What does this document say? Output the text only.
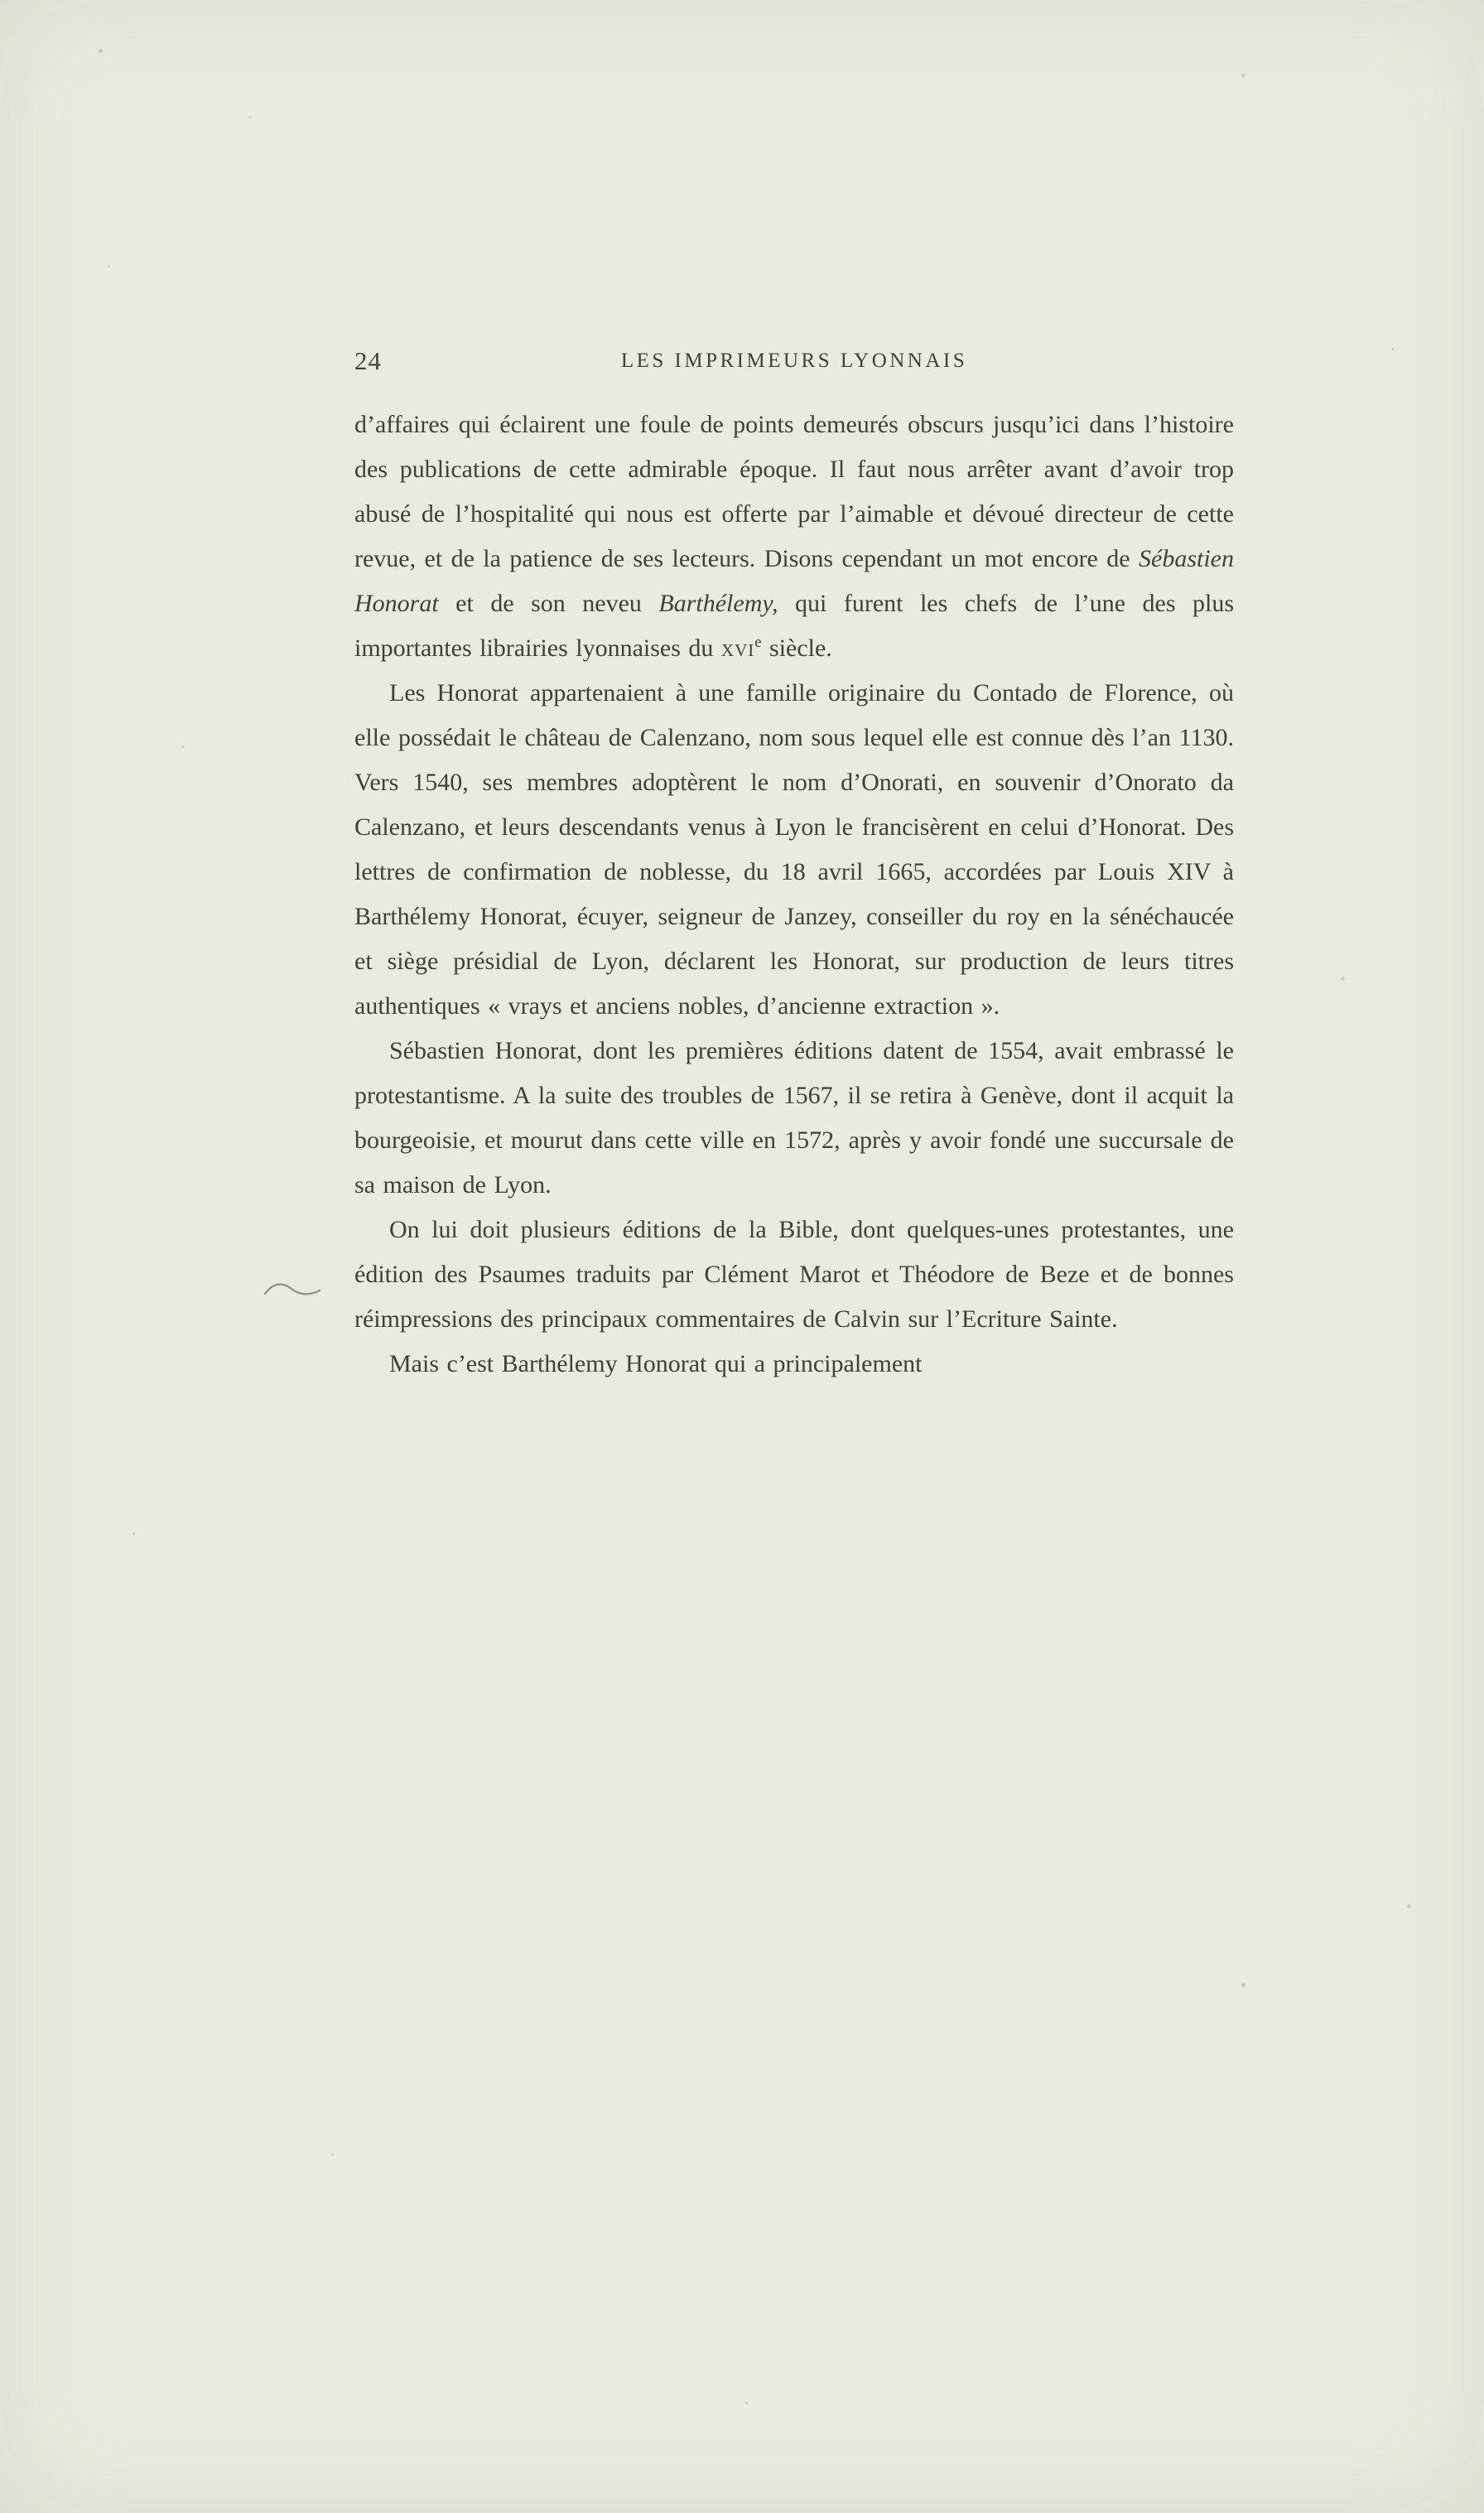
24	LES IMPRIMEURS LYONNAIS

d’affaires qui éclairent une foule de points demeurés obscurs jusqu’ici dans l’histoire des publications de cette admirable époque. Il faut nous arrêter avant d’avoir trop abusé de l’hospitalité qui nous est offerte par l’aimable et dévoué directeur de cette revue, et de la patience de ses lecteurs. Disons cependant un mot encore de Sébastien Honorat et de son neveu Barthélemy, qui furent les chefs de l’une des plus importantes librairies lyonnaises du xvi$^e$ siècle.

Les Honorat appartenaient à une famille originaire du Contado de Florence, où elle possédait le château de Calenzano, nom sous lequel elle est connue dès l’an 1130. Vers 1540, ses membres adoptèrent le nom d’Onorati, en souvenir d’Onorato da Calenzano, et leurs descendants venus à Lyon le francisèrent en celui d’Honorat. Des lettres de confirmation de noblesse, du 18 avril 1665, accordées par Louis XIV à Barthélemy Honorat, écuyer, seigneur de Janzey, conseiller du roy en la sénéchaucée et siège présidial de Lyon, déclarent les Honorat, sur production de leurs titres authentiques « vrays et anciens nobles, d’ancienne extraction ».

Sébastien Honorat, dont les premières éditions datent de 1554, avait embrassé le protestantisme. A la suite des troubles de 1567, il se retira à Genève, dont il acquit la bourgeoisie, et mourut dans cette ville en 1572, après y avoir fondé une succursale de sa maison de Lyon.

On lui doit plusieurs éditions de la Bible, dont quelques-unes protestantes, une édition des Psaumes traduits par Clément Marot et Théodore de Beze et de bonnes réimpressions des principaux commentaires de Calvin sur l’Ecriture Sainte.

Mais c’est Barthélemy Honorat qui a principalement
